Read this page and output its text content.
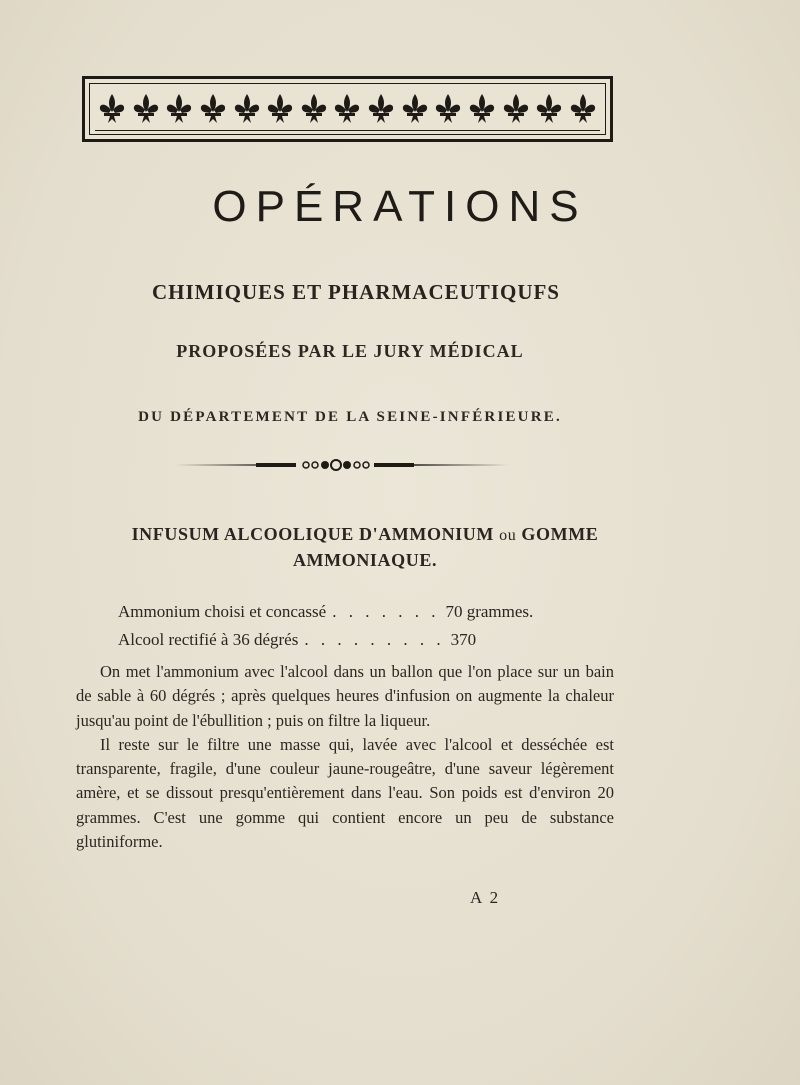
OPÉRATIONS
CHIMIQUES ET PHARMACEUTIQUFS
PROPOSÉES PAR LE JURY MÉDICAL
DU DÉPARTEMENT DE LA SEINE-INFÉRIEURE.
INFUSUM ALCOOLIQUE D'AMMONIUM ou GOMME
AMMONIAQUE.
Ammonium choisi et concassé . . . . . . . 70 grammes.
Alcool rectifié à 36 dégrés . . . . . . . . . 370

On met l'ammonium avec l'alcool dans un ballon que l'on place sur un bain de sable à 60 dégrés ; après quelques heures d'infusion on augmente la chaleur jusqu'au point de l'ébullition ; puis on filtre la liqueur.

Il reste sur le filtre une masse qui, lavée avec l'alcool et desséchée est transparente, fragile, d'une couleur jaune-rougeâtre, d'une saveur légèrement amère, et se dissout presqu'entièrement dans l'eau. Son poids est d'environ 20 grammes. C'est une gomme qui contient encore un peu de substance glutiniforme.

A 2
